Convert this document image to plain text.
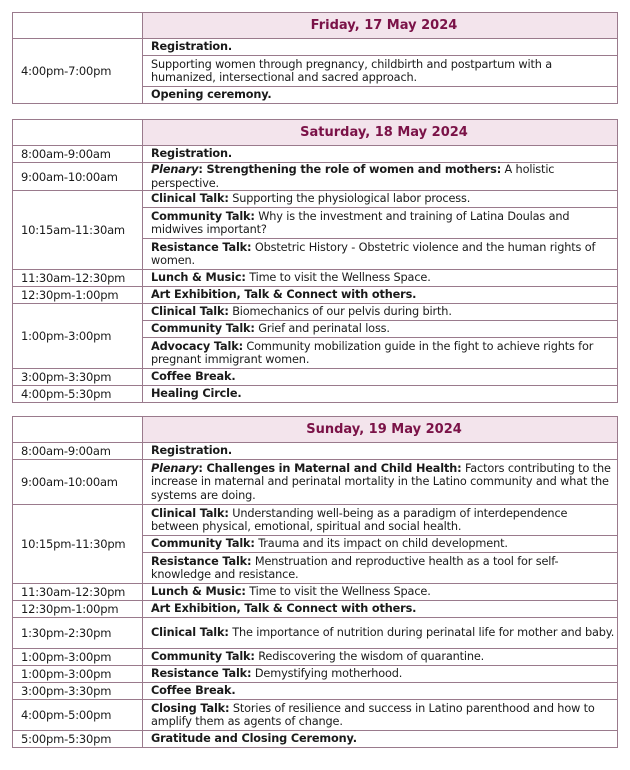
	Friday, 17 May 2024
4:00pm-7:00pm	Registration.
	Supporting women through pregnancy, childbirth and postpartum with a humanized, intersectional and sacred approach.
	Opening ceremony.
	Saturday, 18 May 2024
8:00am-9:00am	Registration.
9:00am-10:00am	Plenary: Strengthening the role of women and mothers: A holistic perspective.
10:15am-11:30am	Clinical Talk: Supporting the physiological labor process.
	Community Talk: Why is the investment and training of Latina Doulas and midwives important?
	Resistance Talk: Obstetric History - Obstetric violence and the human rights of women.
11:30am-12:30pm	Lunch & Music: Time to visit the Wellness Space.
12:30pm-1:00pm	Art Exhibition, Talk & Connect with others.
1:00pm-3:00pm	Clinical Talk: Biomechanics of our pelvis during birth.
	Community Talk: Grief and perinatal loss.
	Advocacy Talk: Community mobilization guide in the fight to achieve rights for pregnant immigrant women.
3:00pm-3:30pm	Coffee Break.
4:00pm-5:30pm	Healing Circle.
	Sunday, 19 May 2024
8:00am-9:00am	Registration.
9:00am-10:00am	Plenary: Challenges in Maternal and Child Health: Factors contributing to the increase in maternal and perinatal mortality in the Latino community and what the systems are doing.
10:15pm-11:30pm	Clinical Talk: Understanding well-being as a paradigm of interdependence between physical, emotional, spiritual and social health.
	Community Talk: Trauma and its impact on child development.
	Resistance Talk: Menstruation and reproductive health as a tool for self-knowledge and resistance.
11:30am-12:30pm	Lunch & Music: Time to visit the Wellness Space.
12:30pm-1:00pm	Art Exhibition, Talk & Connect with others.
1:30pm-2:30pm	Clinical Talk: The importance of nutrition during perinatal life for mother and baby.
1:00pm-3:00pm	Community Talk: Rediscovering the wisdom of quarantine.
1:00pm-3:00pm	Resistance Talk: Demystifying motherhood.
3:00pm-3:30pm	Coffee Break.
4:00pm-5:00pm	Closing Talk: Stories of resilience and success in Latino parenthood and how to amplify them as agents of change.
5:00pm-5:30pm	Gratitude and Closing Ceremony.
